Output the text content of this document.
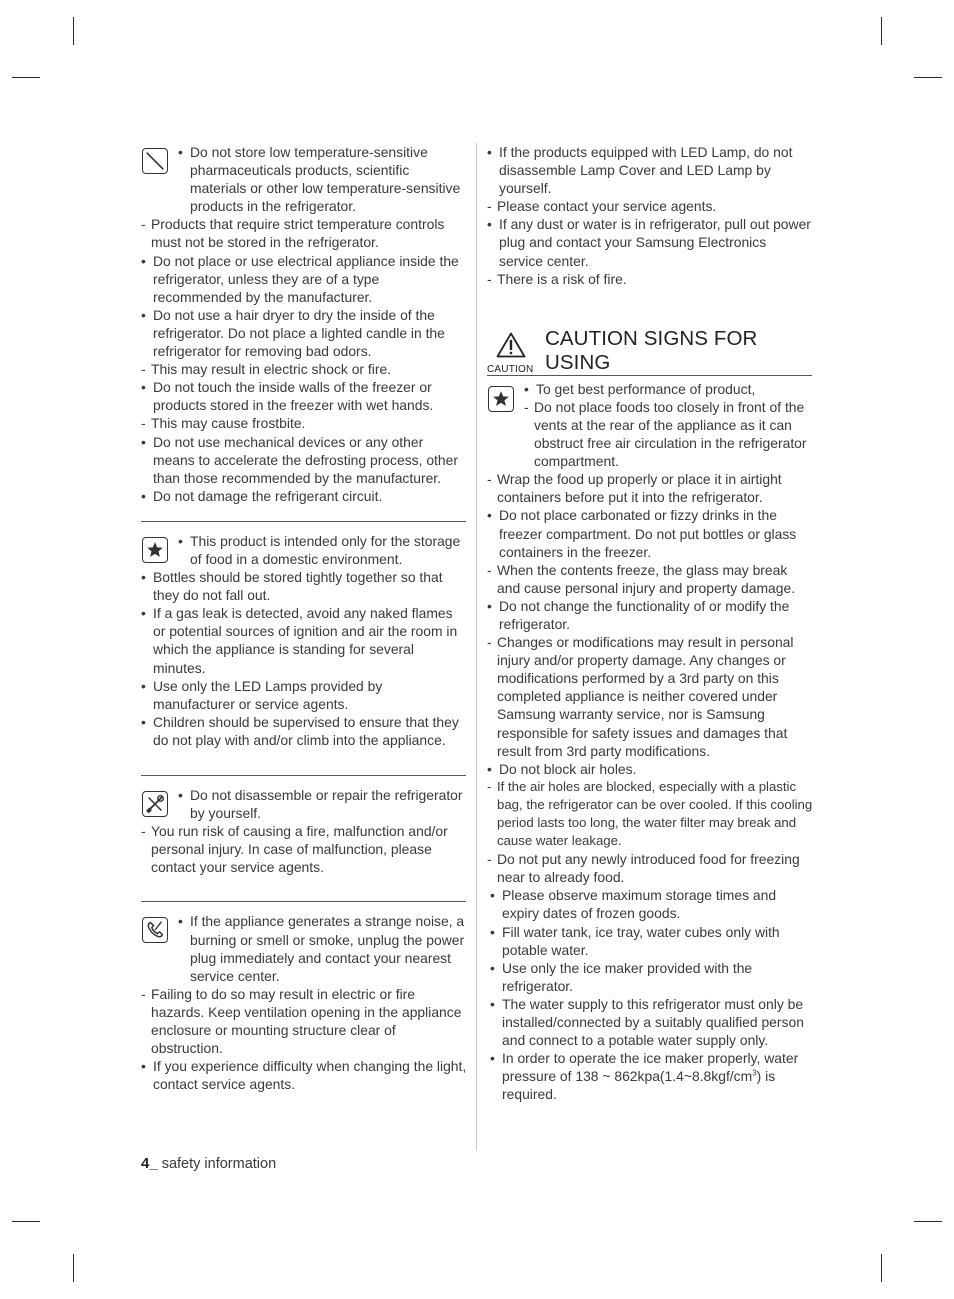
• Do not store low temperature-sensitive pharmaceuticals products, scientific materials or other low temperature-sensitive products in the refrigerator.

- Products that require strict temperature controls must not be stored in the refrigerator.

• Do not place or use electrical appliance inside the refrigerator, unless they are of a type recommended by the manufacturer.

• Do not use a hair dryer to dry the inside of the refrigerator. Do not place a lighted candle in the refrigerator for removing bad odors.

- This may result in electric shock or fire.

• Do not touch the inside walls of the freezer or products stored in the freezer with wet hands.

- This may cause frostbite.

• Do not use mechanical devices or any other means to accelerate the defrosting process, other than those recommended by the manufacturer.

• Do not damage the refrigerant circuit.

• This product is intended only for the storage of food in a domestic environment.

• Bottles should be stored tightly together so that they do not fall out.

• If a gas leak is detected, avoid any naked flames or potential sources of ignition and air the room in which the appliance is standing for several minutes.

• Use only the LED Lamps provided by manufacturer or service agents.

• Children should be supervised to ensure that they do not play with and/or climb into the appliance.

• Do not disassemble or repair the refrigerator by yourself.

- You run risk of causing a fire, malfunction and/or personal injury. In case of malfunction, please contact your service agents.

• If the appliance generates a strange noise, a burning or smell or smoke, unplug the power plug immediately and contact your nearest service center.

- Failing to do so may result in electric or fire hazards. Keep ventilation opening in the appliance enclosure or mounting structure clear of obstruction.

• If you experience difficulty when changing the light, contact service agents.

• If the products equipped with LED Lamp, do not disassemble Lamp Cover and LED Lamp by yourself.

- Please contact your service agents.

• If any dust or water is in refrigerator, pull out power plug and contact your Samsung Electronics service center.

- There is a risk of fire.

CAUTION
CAUTION SIGNS FOR
USING

• To get best performance of product,

- Do not place foods too closely in front of the vents at the rear of the appliance as it can obstruct free air circulation in the refrigerator compartment.

- Wrap the food up properly or place it in airtight containers before put it into the refrigerator.

• Do not place carbonated or fizzy drinks in the freezer compartment. Do not put bottles or glass containers in the freezer.

- When the contents freeze, the glass may break and cause personal injury and property damage.

• Do not change the functionality of or modify the refrigerator.

- Changes or modifications may result in personal injury and/or property damage. Any changes or modifications performed by a 3rd party on this completed appliance is neither covered under Samsung warranty service, nor is Samsung responsible for safety issues and damages that result from 3rd party modifications.

• Do not block air holes.

- If the air holes are blocked, especially with a plastic bag, the refrigerator can be over cooled. If this cooling period lasts too long, the water filter may break and cause water leakage.

- Do not put any newly introduced food for freezing near to already food.

• Please observe maximum storage times and expiry dates of frozen goods.

• Fill water tank, ice tray, water cubes only with potable water.

• Use only the ice maker provided with the refrigerator.

• The water supply to this refrigerator must only be installed/connected by a suitably qualified person and connect to a potable water supply only.

• In order to operate the ice maker properly, water pressure of 138 ~ $862kpa(1.4\sim 8.8kgf/cm^3)$ is required.

4_ safety information
